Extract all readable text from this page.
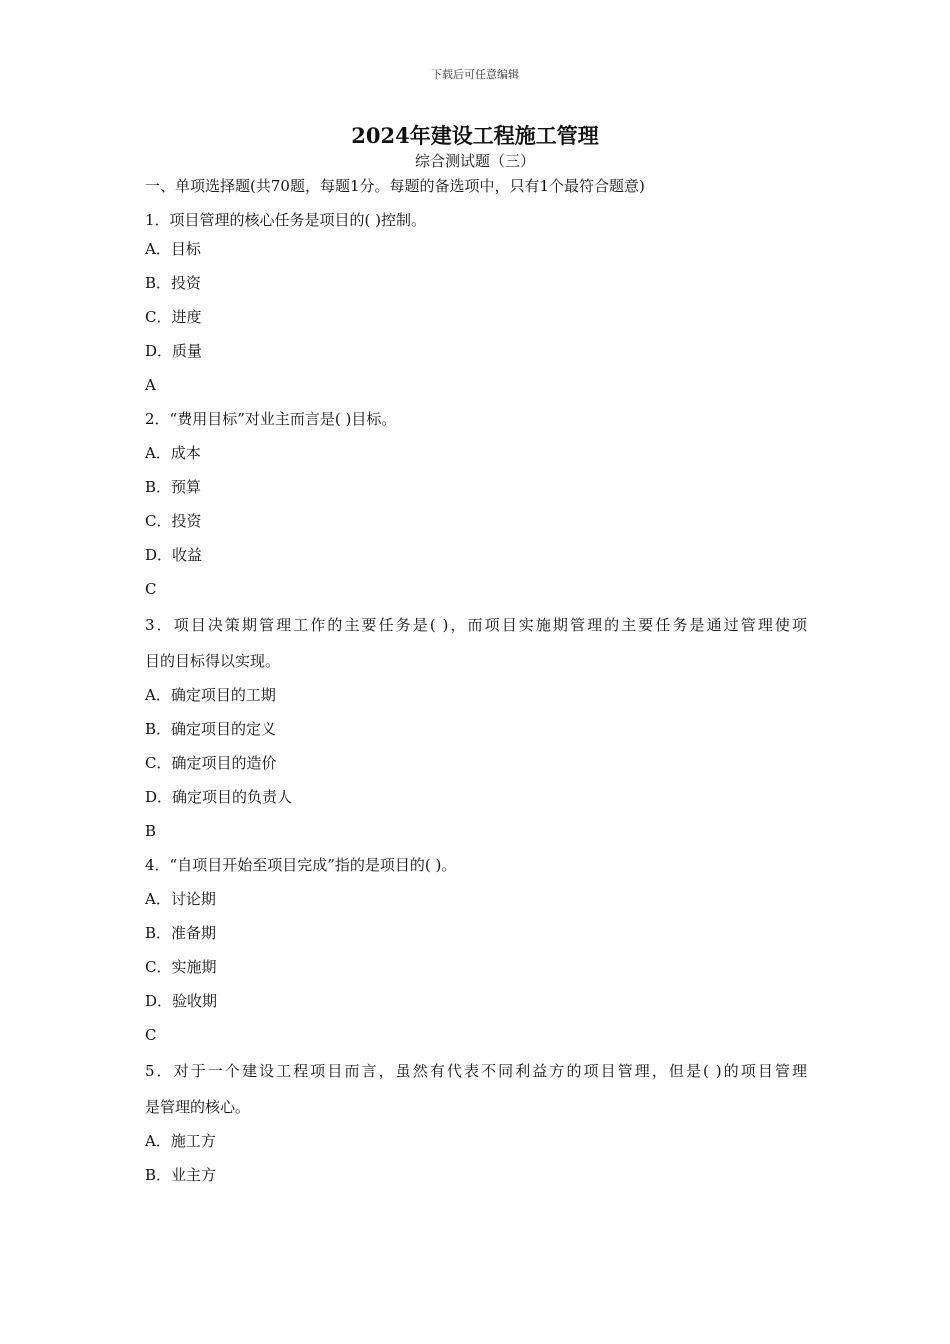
下载后可任意编辑
2024年建设工程施工管理
综合测试题（三）
一、单项选择题(共70题，每题1分。每题的备选项中，只有1个最符合题意)

1．项目管理的核心任务是项目的( )控制。

A．目标

B．投资

C．进度

D．质量

A

2．“费用目标”对业主而言是( )目标。

A．成本

B．预算

C．投资

D．收益

C

3．项目决策期管理工作的主要任务是( )，而项目实施期管理的主要任务是通过管理使项

目的目标得以实现。

A．确定项目的工期

B．确定项目的定义

C．确定项目的造价

D．确定项目的负责人

B

4．“自项目开始至项目完成”指的是项目的( )。

A．讨论期

B．准备期

C．实施期

D．验收期

C

5．对于一个建设工程项目而言，虽然有代表不同利益方的项目管理，但是( )的项目管理

是管理的核心。

A．施工方

B．业主方
